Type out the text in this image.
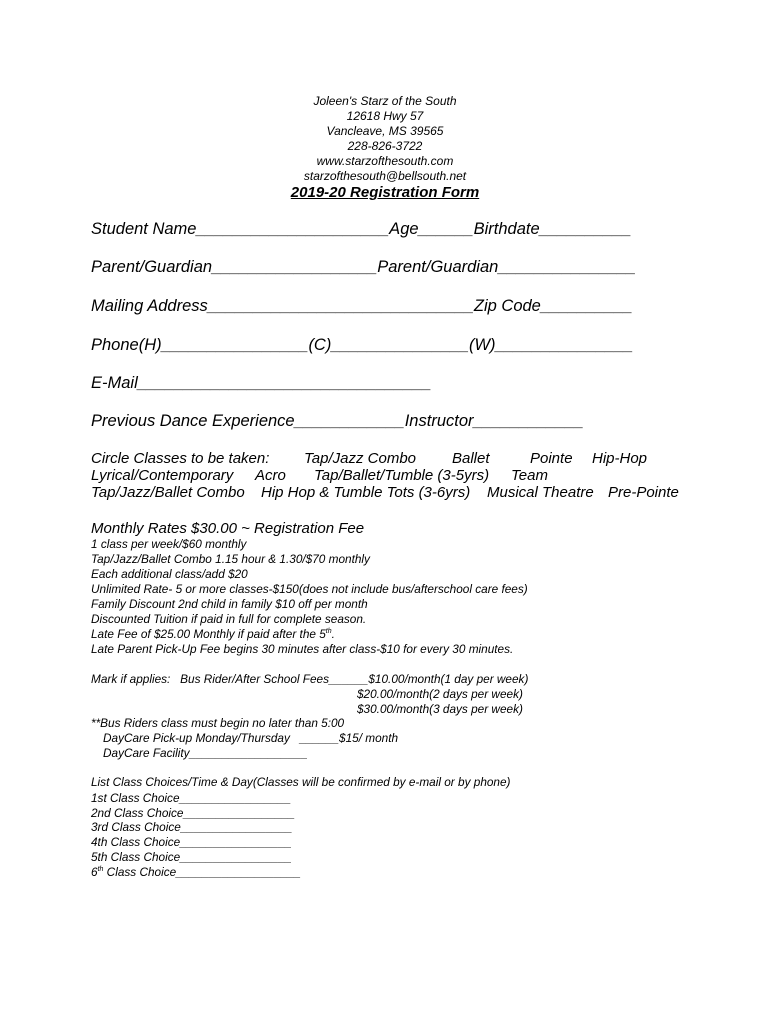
Joleen's Starz of the South
12618 Hwy 57
Vancleave, MS 39565
228-826-3722
www.starzofthesouth.com
starzofthesouth@bellsouth.net
2019-20 Registration Form
Student Name_____________________Age______Birthdate__________
Parent/Guardian__________________Parent/Guardian_______________
Mailing Address_____________________________Zip Code__________
Phone(H)________________(C)_______________(W)_______________
E-Mail________________________________
Previous Dance Experience____________Instructor____________
Circle Classes to be taken: Tap/Jazz Combo Ballet	Pointe Hip-Hop
Lyrical/Contemporary Acro Tap/Ballet/Tumble (3-5yrs) Team
Tap/Jazz/Ballet Combo Hip Hop & Tumble Tots (3-6yrs) Musical Theatre Pre-Pointe
Monthly Rates $30.00 ~ Registration Fee
1 class per week/$60 monthly
Tap/Jazz/Ballet Combo 1.15 hour & 1.30/$70 monthly
Each additional class/add $20
Unlimited Rate- 5 or more classes-$150(does not include bus/afterschool care fees)
Family Discount 2nd child in family $10 off per month
Discounted Tuition if paid in full for complete season.
Late Fee of $25.00 Monthly if paid after the 5th.
Late Parent Pick-Up Fee begins 30 minutes after class-$10 for every 30 minutes.
Mark if applies:   Bus Rider/After School Fees______$10.00/month(1 day per week)
$20.00/month(2 days per week)
$30.00/month(3 days per week)
**Bus Riders class must begin no later than 5:00
DayCare Pick-up Monday/Thursday   ______$15/ month
DayCare Facility__________________
List Class Choices/Time & Day(Classes will be confirmed by e-mail or by phone)
1st Class Choice_________________
2nd Class Choice_________________
3rd Class Choice_________________
4th Class Choice_________________
5th Class Choice_________________
6th Class Choice___________________
